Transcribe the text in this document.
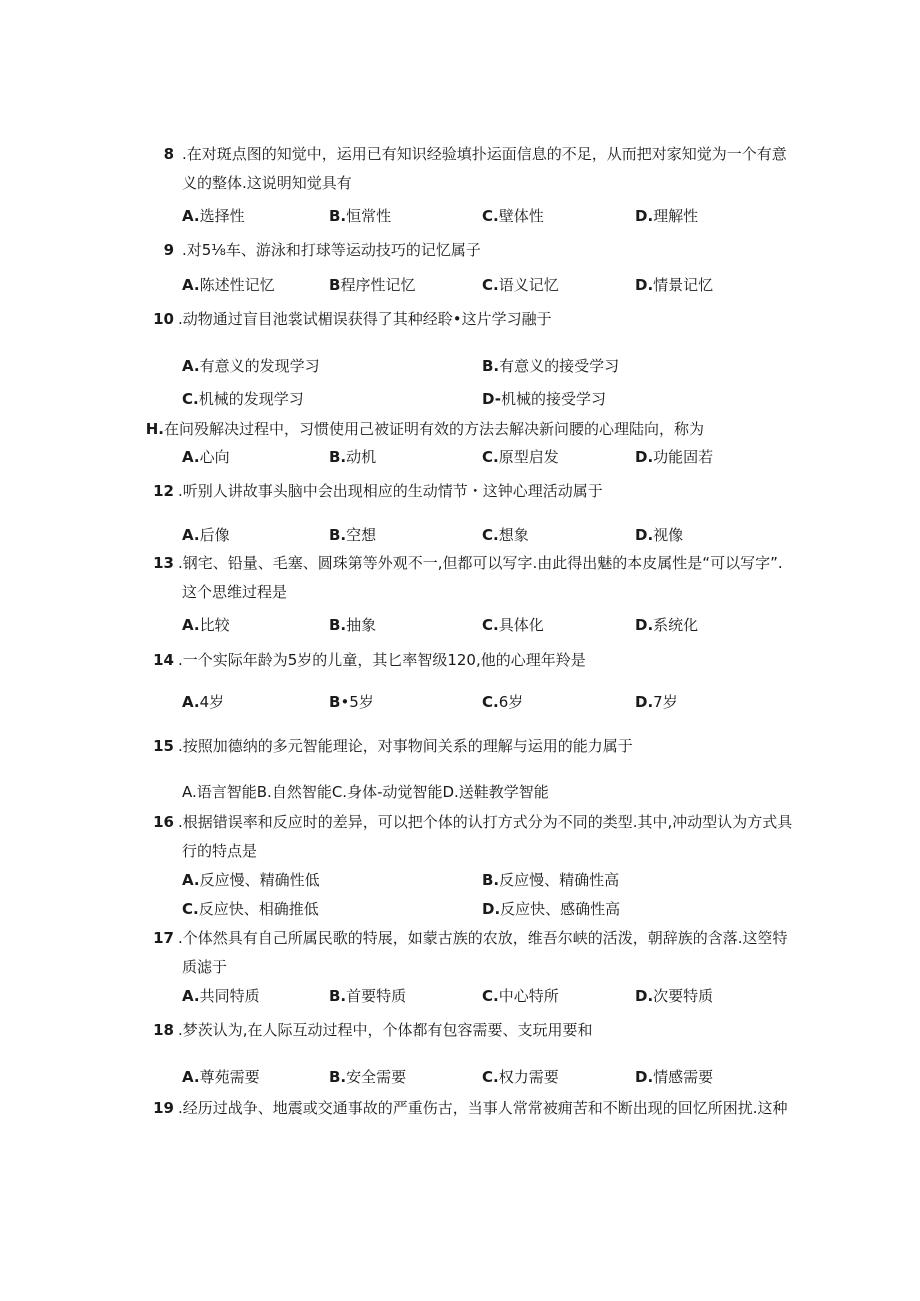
8 .在对斑点图的知觉中，运用已有知识经验填扑运面信息的不足，从而把对家知觉为一个有意
义的整体.这说明知觉具有
A.选择性	B.恒常性	C.壁体性	D.理解性
9 .对5⅛车、游泳和打球等运动技巧的记忆属子
A.陈述性记忆	B程序性记忆	C.语义记忆	D.情景记忆
10 .动物通过盲目池裳试楣误获得了其种经聆•这片学习融于
A.有意义的发现学习	B.有意义的接受学习
C.机械的发现学习	D-机械的接受学习
H. 在问殁解决过程中，习惯使用己被证明有效的方法去解决新问腰的心理陆向，称为
A.心向	B.动机	C.原型启发	D.功能固若
12 .听别人讲故事头脑中会出现相应的生动情节・这钟心理活动属于
A.后像	B.空想	C.想象	D.视像
13 .钢宅、铅量、毛塞、圆珠第等外观不一,但都可以写字.由此得出魅的本皮属性是“可以写字”.
这个思维过程是
A.比较	B.抽象	C.具体化	D.系统化
14 .一个实际年龄为5岁的儿童，其匕率智级120,他的心理年羚是
A.4岁	B•5岁	C.6岁	D.7岁
15 .按照加德纳的多元智能理论，对事物间关系的理解与运用的能力属于
A.语言智能B.自然智能C.身体-动觉智能D.送鞋教学智能
16 .根据错误率和反应时的差异，可以把个体的认打方式分为不同的类型.其中,冲动型认为方式具
行的特点是
A.反应慢、精确性低	B.反应慢、精确性高
C.反应快、相确推低	D.反应快、感确性高
17 .个体然具有自己所属民歌的特展，如蒙古族的农放，维吾尔峡的活泼，朝辞族的含落.这箜特
质滤于
A.共同特质	B.首要特质	C.中心特所	D.次要特质
18 .梦茨认为,在人际互动过程中，个体都有包容需要、支玩用要和
A.尊苑需要	B.安全需要	C.权力需要	D.情感需要
19 .经历过战争、地震或交通事故的严重伤古，当事人常常被痈苦和不断出现的回忆所困扰.这种
